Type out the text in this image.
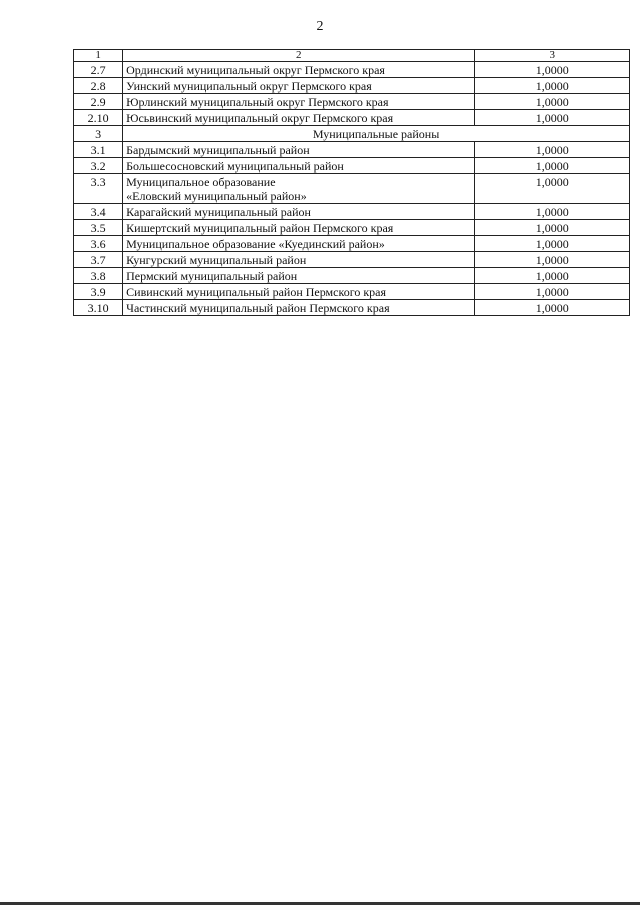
2
1	2	3
2.7	Ординский муниципальный округ Пермского края	1,0000
2.8	Уинский муниципальный округ Пермского края	1,0000
2.9	Юрлинский муниципальный округ Пермского края	1,0000
2.10	Юсьвинский муниципальный округ Пермского края	1,0000
3	Муниципальные районы	
3.1	Бардымский муниципальный район	1,0000
3.2	Большесосновский муниципальный район	1,0000
3.3	Муниципальное образование
«Еловский муниципальный район»	1,0000
3.4	Карагайский муниципальный район	1,0000
3.5	Кишертский муниципальный район Пермского края	1,0000
3.6	Муниципальное образование «Куединский район»	1,0000
3.7	Кунгурский муниципальный район	1,0000
3.8	Пермский муниципальный район	1,0000
3.9	Сивинский муниципальный район Пермского края	1,0000
3.10	Частинский муниципальный район Пермского края	1,0000
